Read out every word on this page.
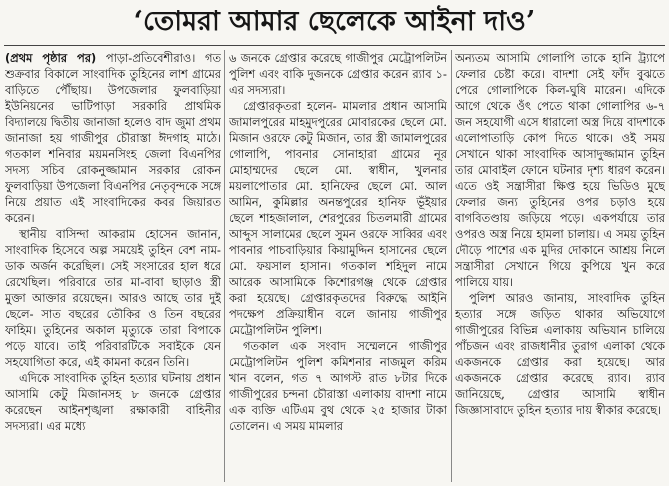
‘তোমরা আমার ছেলেকে আইনা দাও’

(প্রথম পৃষ্ঠার পর) পাড়া-প্রতিবেশীরাও। গত শুক্রবার বিকালে সাংবাদিক তুহিনের লাশ গ্রামের বাড়িতে পৌঁছায়। উপজেলার ফুলবাড়িয়া ইউনিয়নের ভাটিপাড়া সরকারি প্রাথমিক বিদ্যালয়ে দ্বিতীয় জানাজা হলেও বাদ জুমা প্রথম জানাজা হয় গাজীপুর চৌরাস্তা ঈদগাহ মাঠে। গতকাল শনিবার ময়মনসিংহ জেলা বিএনপির সদস্য সচিব রোকনুজ্জামান সরকার রোকন ফুলবাড়িয়া উপজেলা বিএনপির নেতৃবৃন্দকে সঙ্গে নিয়ে প্রয়াত এই সাংবাদিকের কবর জিয়ারত করেন।

স্থানীয় বাসিন্দা আকরাম হোসেন জানান, সাংবাদিক হিসেবে অল্প সময়েই তুহিন বেশ নাম-ডাক অর্জন করেছিল। সেই সংসারের হাল ধরে রেখেছিল। পরিবারে তার মা-বাবা ছাড়াও স্ত্রী মুক্তা আক্তার রয়েছেন। আরও আছে তার দুই ছেলে- সাত বছরের তৌকির ও তিন বছরের ফাহিম। তুহিনের অকাল মৃত্যুকে তারা বিপাকে পড়ে যাবে। তাই পরিবারটিকে সবাইকে যেন সহযোগিতা করে, এই কামনা করেন তিনি।

এদিকে সাংবাদিক তুহিন হত্যার ঘটনায় প্রধান আসামি কেটু মিজানসহ ৮ জনকে গ্রেপ্তার করেছেন আইনশৃঙ্খলা রক্ষাকারী বাহিনীর সদস্যরা। এর মধ্যে

৬ জনকে গ্রেপ্তার করেছে গাজীপুর মেট্রোপলিটন পুলিশ এবং বাকি দুজনকে গ্রেপ্তার করেন র‍্যাব ১-এর সদস্যরা।

গ্রেপ্তারকৃতরা হলেন- মামলার প্রধান আসামি জামালপুরের মাহমুদপুরের মোবারকের ছেলে মো. মিজান ওরফে কেটু মিজান, তার স্ত্রী জামালপুরের গোলাপি, পাবনার সোনাহারা গ্রামের নূর মোহাম্মদের ছেলে মো. স্বাধীন, খুলনার ময়লাপোতার মো. হানিফের ছেলে মো. আল আমিন, কুমিল্লার অনন্তপুরের হানিফ ভূঁইয়ার ছেলে শাহজালাল, শেরপুরের চিতলমারী গ্রামের আব্দুস সালামের ছেলে সুমন ওরফে সাব্বির এবং পাবনার পাচবাড়িয়ার কিয়ামুদ্দিন হাসানের ছেলে মো. ফয়সাল হাসান। গতকাল শহিদুল নামে আরেক আসামিকে কিশোরগঞ্জ থেকে গ্রেপ্তার করা হয়েছে। গ্রেপ্তারকৃতদের বিরুদ্ধে আইনি পদক্ষেপ প্রক্রিয়াধীন বলে জানায় গাজীপুর মেট্রোপলিটন পুলিশ।

গতকাল এক সংবাদ সম্মেলনে গাজীপুর মেট্রোপলিটন পুলিশ কমিশনার নাজমুল করিম খান বলেন, গত ৭ আগস্ট রাত ৮টার দিকে গাজীপুরের চন্দনা চৌরাস্তা এলাকায় বাদশা নামে এক ব্যক্তি এটিএম বুথ থেকে ২৫ হাজার টাকা তোলেন। এ সময় মামলার

অন্যতম আসামি গোলাপি তাকে হানি ট্র্যাপে ফেলার চেষ্টা করে। বাদশা সেই ফাঁদ বুঝতে পেরে গোলাপিকে কিল-ঘুষি মারেন। এদিকে আগে থেকে ওঁৎ পেতে থাকা গোলাপির ৬-৭ জন সহযোগী এসে ধারালো অস্ত্র দিয়ে বাদশাকে এলোপাতাড়ি কোপ দিতে থাকে। ওই সময় সেখানে থাকা সাংবাদিক আসাদুজ্জামান তুহিন তার মোবাইল ফোনে ঘটনার দৃশ্য ধারণ করেন। এতে ওই সন্ত্রাসীরা ক্ষিপ্ত হয়ে ভিডিও মুছে ফেলার জন্য তুহিনের ওপর চড়াও হয়ে বাগবিতণ্ডায় জড়িয়ে পড়ে। একপর্যায়ে তার ওপরও অস্ত্র নিয়ে হামলা চালায়। এ সময় তুহিন দৌড়ে পাশের এক মুদির দোকানে আশ্রয় নিলে সন্ত্রাসীরা সেখানে গিয়ে কুপিয়ে খুন করে পালিয়ে যায়।

পুলিশ আরও জানায়, সাংবাদিক তুহিন হত্যার সঙ্গে জড়িত থাকার অভিযোগে গাজীপুরের বিভিন্ন এলাকায় অভিযান চালিয়ে পাঁচজন এবং রাজধানীর তুরাগ এলাকা থেকে একজনকে গ্রেপ্তার করা হয়েছে। আর একজনকে গ্রেপ্তার করেছে র‍্যাব। র‍্যাব জানিয়েছে, গ্রেপ্তার আসামি স্বাধীন জিজ্ঞাসাবাদে তুহিন হত্যার দায় স্বীকার করেছে।
